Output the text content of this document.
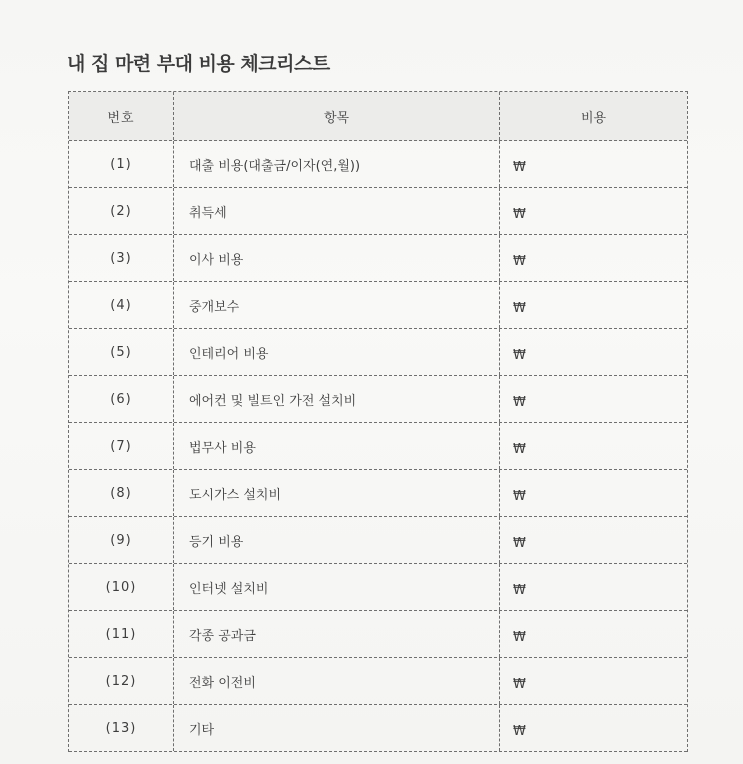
내 집 마련 부대 비용 체크리스트
번호	항목	비용
(1)	대출 비용(대출금/이자(연,월))	₩
(2)	취득세	₩
(3)	이사 비용	₩
(4)	중개보수	₩
(5)	인테리어 비용	₩
(6)	에어컨 및 빌트인 가전 설치비	₩
(7)	법무사 비용	₩
(8)	도시가스 설치비	₩
(9)	등기 비용	₩
(10)	인터넷 설치비	₩
(11)	각종 공과금	₩
(12)	전화 이전비	₩
(13)	기타	₩
